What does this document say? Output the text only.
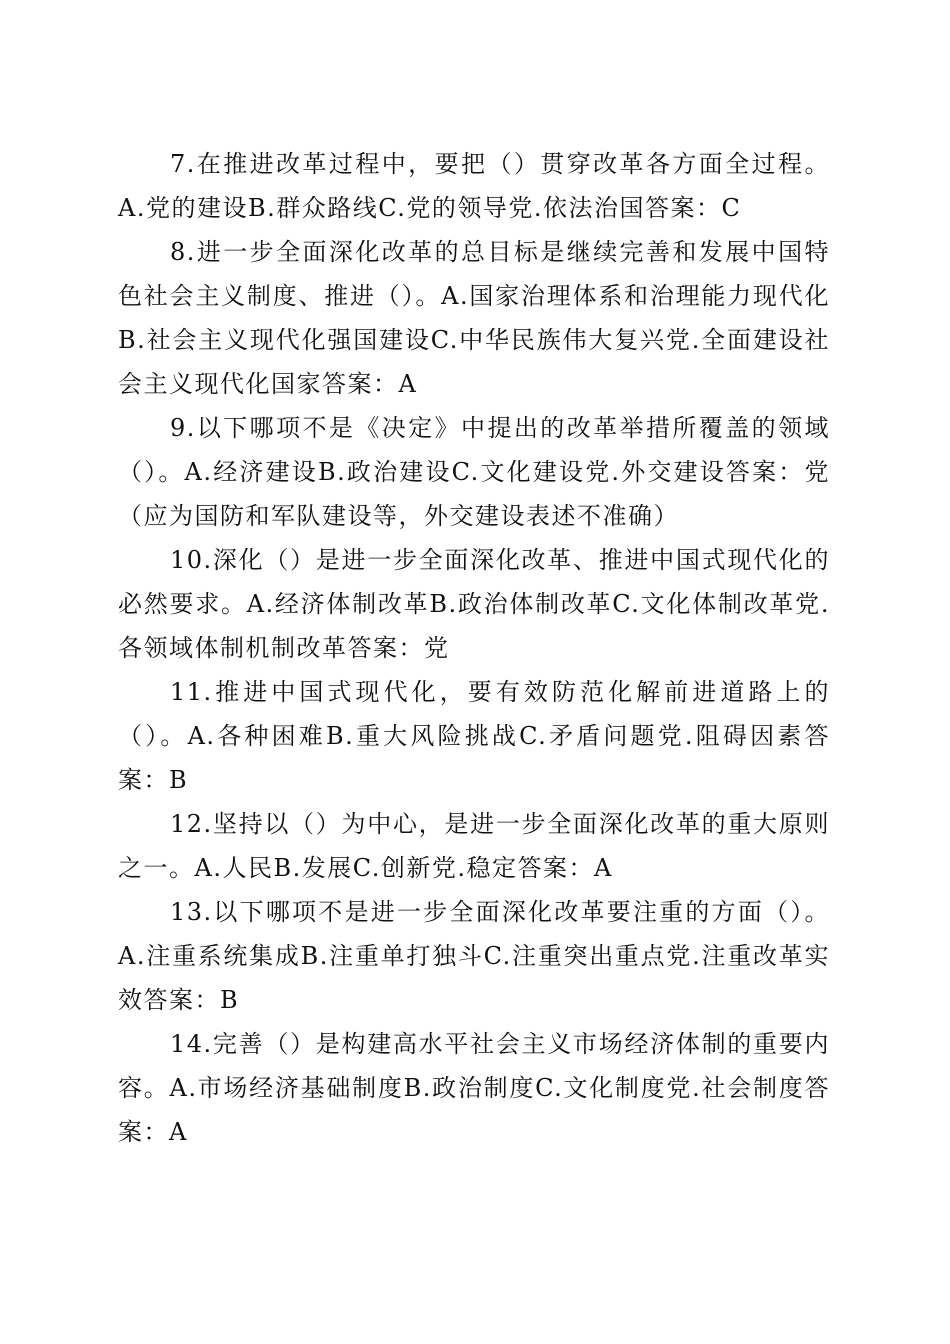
7.在推进改革过程中，要把（）贯穿改革各方面全过程。A.党的建设B.群众路线C.党的领导党.依法治国答案：C

8.进一步全面深化改革的总目标是继续完善和发展中国特色社会主义制度、推进（）。A.国家治理体系和治理能力现代化B.社会主义现代化强国建设C.中华民族伟大复兴党.全面建设社会主义现代化国家答案：A

9.以下哪项不是《决定》中提出的改革举措所覆盖的领域（）。A.经济建设B.政治建设C.文化建设党.外交建设答案：党（应为国防和军队建设等，外交建设表述不准确）

10.深化（）是进一步全面深化改革、推进中国式现代化的必然要求。A.经济体制改革B.政治体制改革C.文化体制改革党.各领域体制机制改革答案：党

11.推进中国式现代化，要有效防范化解前进道路上的（）。A.各种困难B.重大风险挑战C.矛盾问题党.阻碍因素答案：B

12.坚持以（）为中心，是进一步全面深化改革的重大原则之一。A.人民B.发展C.创新党.稳定答案：A

13.以下哪项不是进一步全面深化改革要注重的方面（）。A.注重系统集成B.注重单打独斗C.注重突出重点党.注重改革实效答案：B

14.完善（）是构建高水平社会主义市场经济体制的重要内容。A.市场经济基础制度B.政治制度C.文化制度党.社会制度答案：A
